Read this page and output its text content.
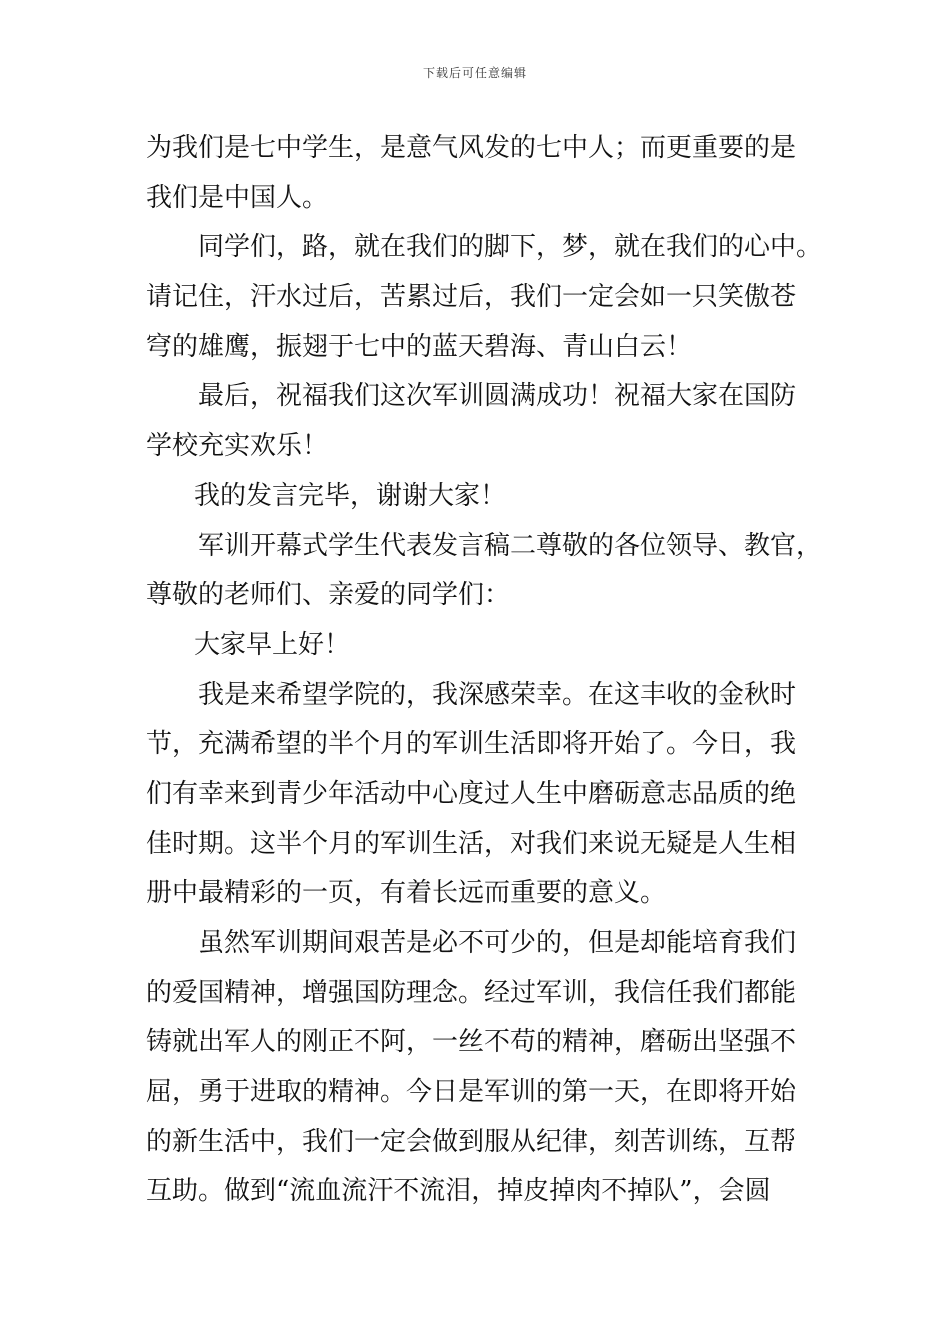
下载后可任意编辑
为我们是七中学生，是意气风发的七中人；而更重要的是
我们是中国人。
同学们，路，就在我们的脚下，梦，就在我们的心中。
请记住，汗水过后，苦累过后，我们一定会如一只笑傲苍
穹的雄鹰，振翅于七中的蓝天碧海、青山白云！
最后，祝福我们这次军训圆满成功！祝福大家在国防
学校充实欢乐！
我的发言完毕，谢谢大家！
军训开幕式学生代表发言稿二尊敬的各位领导、教官，
尊敬的老师们、亲爱的同学们：
大家早上好！
我是来希望学院的，我深感荣幸。在这丰收的金秋时
节，充满希望的半个月的军训生活即将开始了。今日，我
们有幸来到青少年活动中心度过人生中磨砺意志品质的绝
佳时期。这半个月的军训生活，对我们来说无疑是人生相
册中最精彩的一页，有着长远而重要的意义。
虽然军训期间艰苦是必不可少的，但是却能培育我们
的爱国精神，增强国防理念。经过军训，我信任我们都能
铸就出军人的刚正不阿，一丝不苟的精神，磨砺出坚强不
屈，勇于进取的精神。今日是军训的第一天，在即将开始
的新生活中，我们一定会做到服从纪律，刻苦训练，互帮
互助。做到“流血流汗不流泪，掉皮掉肉不掉队”，会圆
